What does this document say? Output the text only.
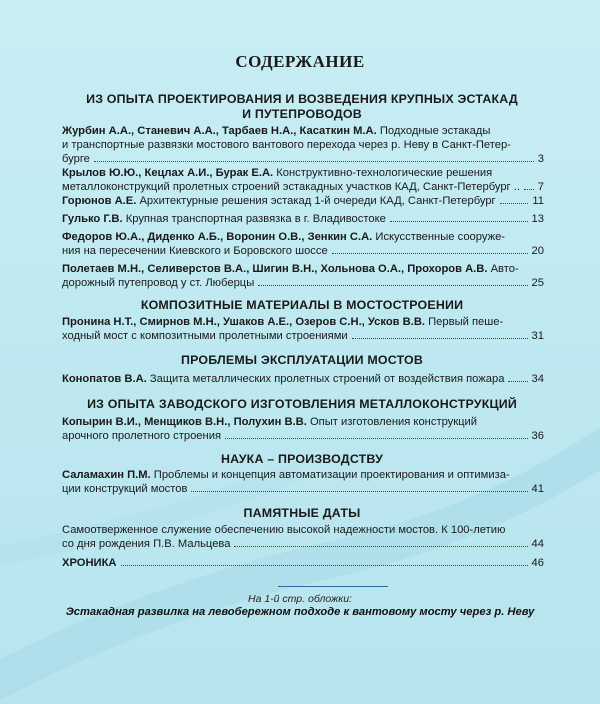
СОДЕРЖАНИЕ
ИЗ ОПЫТА ПРОЕКТИРОВАНИЯ И ВОЗВЕДЕНИЯ КРУПНЫХ ЭСТАКАД
И ПУТЕПРОВОДОВ
Журбин А.А., Станевич А.А., Тарбаев Н.А., Касаткин М.А. Подходные эстакады
и транспортные развязки мостового вантового перехода через р. Неву в Санкт-Петер-
бурге	3
Крылов Ю.Ю., Кецлах А.И., Бурак Е.А. Конструктивно-технологические решения
металлоконструкций пролетных строений эстакадных участков КАД, Санкт-Петербург .. 7
Горюнов А.Е. Архитектурные решения эстакад 1-й очереди КАД, Санкт-Петербург	11
Гулько Г.В. Крупная транспортная развязка в г. Владивостоке	13
Федоров Ю.А., Диденко А.Б., Воронин О.В., Зенкин С.А. Искусственные сооруже-
ния на пересечении Киевского и Боровского шоссе	20
Полетаев М.Н., Селиверстов В.А., Шигин В.Н., Хольнова О.А., Прохоров А.В. Авто-
дорожный путепровод у ст. Люберцы	25
КОМПОЗИТНЫЕ МАТЕРИАЛЫ В МОСТОСТРОЕНИИ
Пронина Н.Т., Смирнов М.Н., Ушаков А.Е., Озеров С.Н., Усков В.В. Первый пеше-
ходный мост с композитными пролетными строениями	31
ПРОБЛЕМЫ ЭКСПЛУАТАЦИИ МОСТОВ
Конопатов В.А. Защита металлических пролетных строений от воздействия пожара 34
ИЗ ОПЫТА ЗАВОДСКОГО ИЗГОТОВЛЕНИЯ МЕТАЛЛОКОНСТРУКЦИЙ
Копырин В.И., Менщиков В.Н., Полухин В.В. Опыт изготовления конструкций
арочного пролетного строения	36
НАУКА – ПРОИЗВОДСТВУ
Саламахин П.М. Проблемы и концепция автоматизации проектирования и оптимиза-
ции конструкций мостов	41
ПАМЯТНЫЕ ДАТЫ
Самоотверженное служение обеспечению высокой надежности мостов. К 100-летию
со дня рождения П.В. Мальцева	44
ХРОНИКА	46
На 1-й стр. обложки:
Эстакадная развилка на левобережном подходе к вантовому мосту через р. Неву
